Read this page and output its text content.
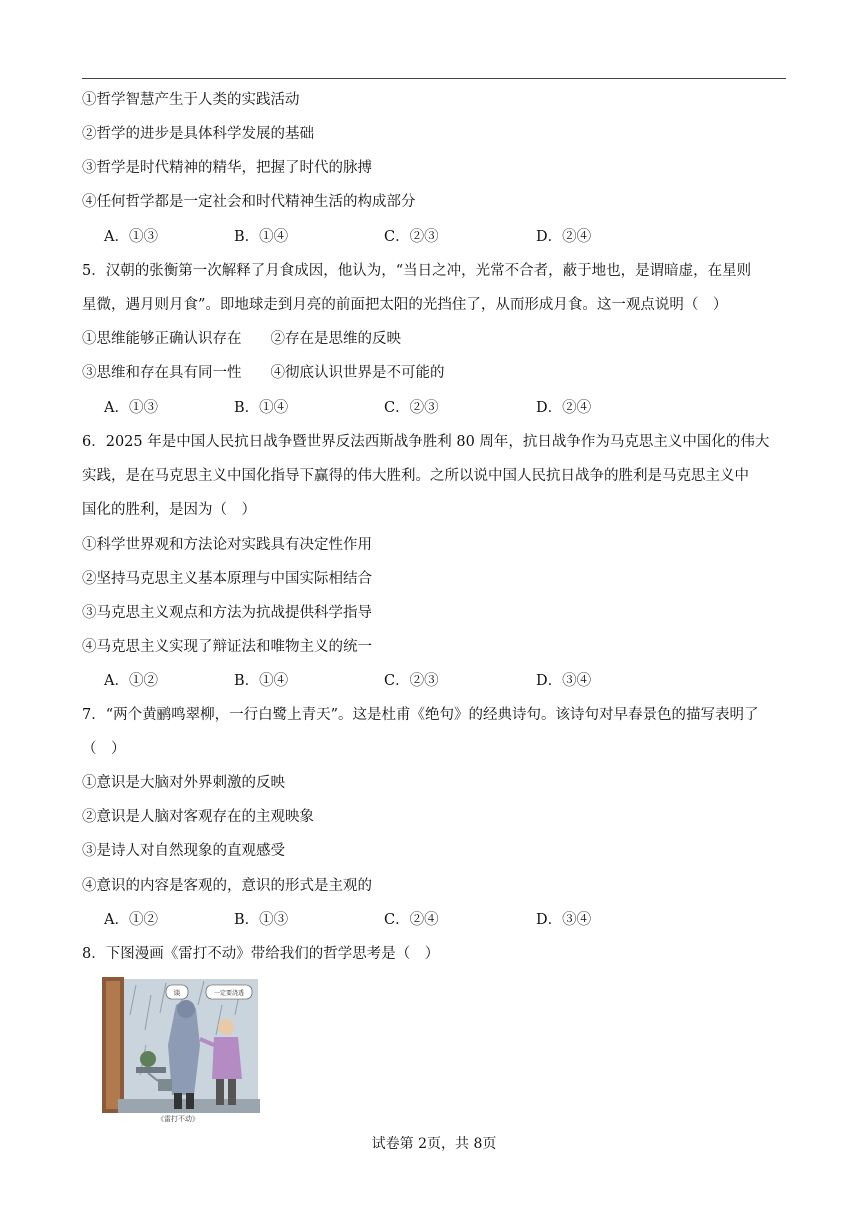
①哲学智慧产生于人类的实践活动
②哲学的进步是具体科学发展的基础
③哲学是时代精神的精华，把握了时代的脉搏
④任何哲学都是一定社会和时代精神生活的构成部分
A．①③	B．①④	C．②③	D．②④
5．汉朝的张衡第一次解释了月食成因，他认为，“当日之冲，光常不合者，蔽于地也，是谓暗虚，在星则
星微，遇月则月食”。即地球走到月亮的前面把太阳的光挡住了，从而形成月食。这一观点说明（　）
①思维能够正确认识存在　　②存在是思维的反映
③思维和存在具有同一性　　④彻底认识世界是不可能的
A．①③	B．①④	C．②③	D．②④
6．2025 年是中国人民抗日战争暨世界反法西斯战争胜利 80 周年，抗日战争作为马克思主义中国化的伟大
实践，是在马克思主义中国化指导下赢得的伟大胜利。之所以说中国人民抗日战争的胜利是马克思主义中
国化的胜利，是因为（　）
①科学世界观和方法论对实践具有决定性作用
②坚持马克思主义基本原理与中国实际相结合
③马克思主义观点和方法为抗战提供科学指导
④马克思主义实现了辩证法和唯物主义的统一
A．①②	B．①④	C．②③	D．③④
7．“两个黄鹂鸣翠柳，一行白鹭上青天”。这是杜甫《绝句》的经典诗句。该诗句对早春景色的描写表明了
（　）
①意识是大脑对外界刺激的反映
②意识是人脑对客观存在的主观映象
③是诗人对自然现象的直观感受
④意识的内容是客观的，意识的形式是主观的
A．①②	B．①③	C．②④	D．③④
8．下图漫画《雷打不动》带给我们的哲学思考是（　）
谈	一定要浇透
《雷打不动》
试卷第 2页，共 8页
